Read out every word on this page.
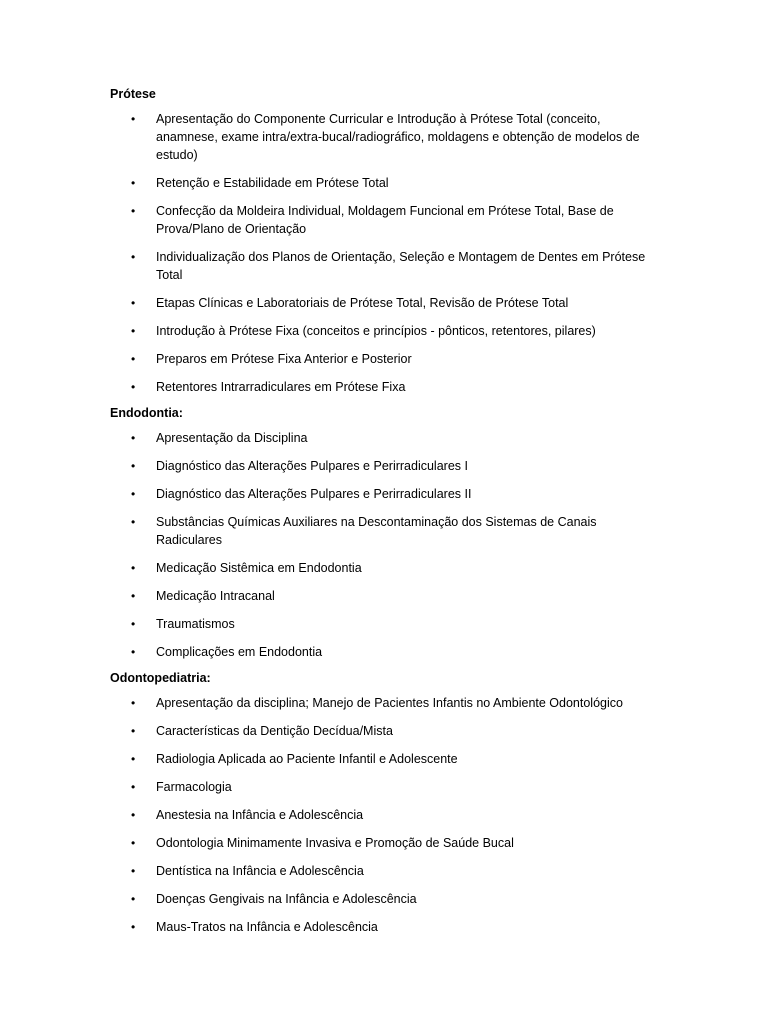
Prótese
• Apresentação do Componente Curricular e Introdução à Prótese Total (conceito, anamnese, exame intra/extra-bucal/radiográfico, moldagens e obtenção de modelos de estudo)
• Retenção e Estabilidade em Prótese Total
• Confecção da Moldeira Individual, Moldagem Funcional em Prótese Total, Base de Prova/Plano de Orientação
• Individualização dos Planos de Orientação, Seleção e Montagem de Dentes em Prótese Total
• Etapas Clínicas e Laboratoriais de Prótese Total, Revisão de Prótese Total
• Introdução à Prótese Fixa (conceitos e princípios - pônticos, retentores, pilares)
• Preparos em Prótese Fixa Anterior e Posterior
• Retentores Intrarradiculares em Prótese Fixa
Endodontia:
• Apresentação da Disciplina
• Diagnóstico das Alterações Pulpares e Perirradiculares I
• Diagnóstico das Alterações Pulpares e Perirradiculares II
• Substâncias Químicas Auxiliares na Descontaminação dos Sistemas de Canais Radiculares
• Medicação Sistêmica em Endodontia
• Medicação Intracanal
• Traumatismos
• Complicações em Endodontia
Odontopediatria:
• Apresentação da disciplina; Manejo de Pacientes Infantis no Ambiente Odontológico
• Características da Dentição Decídua/Mista
• Radiologia Aplicada ao Paciente Infantil e Adolescente
• Farmacologia
• Anestesia na Infância e Adolescência
• Odontologia Minimamente Invasiva e Promoção de Saúde Bucal
• Dentística na Infância e Adolescência
• Doenças Gengivais na Infância e Adolescência
• Maus-Tratos na Infância e Adolescência
